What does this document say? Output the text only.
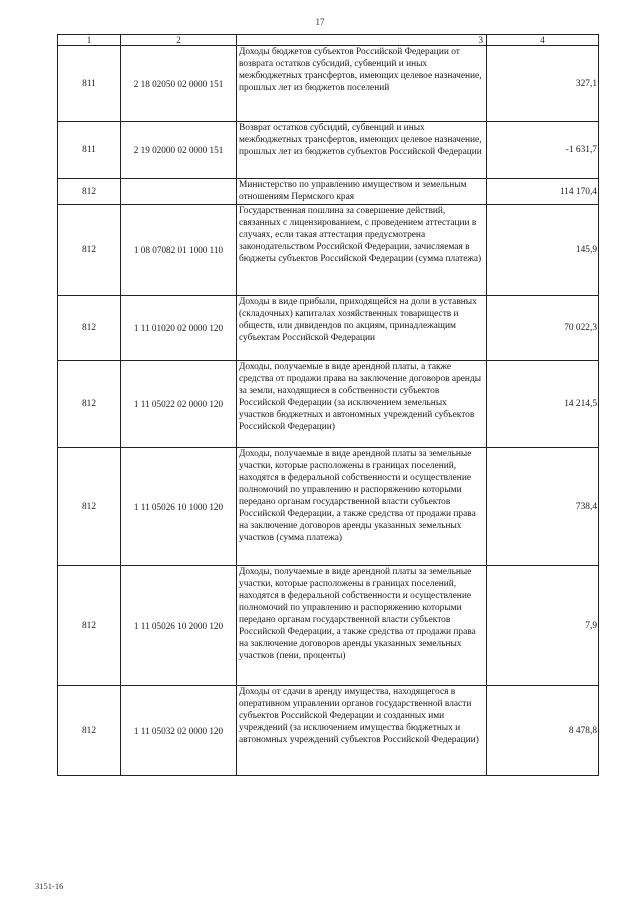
17
1	2	3	4
811	2 18 02050 02 0000 151	Доходы бюджетов субъектов Российской Федерации от возврата остатков субсидий, субвенций и иных межбюджетных трансфертов, имеющих целевое назначение, прошлых лет из бюджетов поселений	327,1
811	2 19 02000 02 0000 151	Возврат остатков субсидий, субвенций и иных межбюджетных трансфертов, имеющих целевое назначение, прошлых лет из бюджетов субъектов Российской Федерации	-1 631,7
812		Министерство по управлению имуществом и земельным отношениям Пермского края	114 170,4
812	1 08 07082 01 1000 110	Государственная пошлина за совершение действий, связанных с лицензированием, с проведением аттестации в случаях, если такая аттестация предусмотрена законодательством Российской Федерации, зачисляемая в бюджеты субъектов Российской Федерации (сумма платежа)	145,9
812	1 11 01020 02 0000 120	Доходы в виде прибыли, приходящейся на доли в уставных (складочных) капиталах хозяйственных товариществ и обществ, или дивидендов по акциям, принадлежащим субъектам Российской Федерации	70 022,3
812	1 11 05022 02 0000 120	Доходы, получаемые в виде арендной платы, а также средства от продажи права на заключение договоров аренды за земли, находящиеся в собственности субъектов Российской Федерации (за исключением земельных участков бюджетных и автономных учреждений субъектов Российской Федерации)	14 214,5
812	1 11 05026 10 1000 120	Доходы, получаемые в виде арендной платы за земельные участки, которые расположены в границах поселений, находятся в федеральной собственности и осуществление полномочий по управлению и распоряжению которыми передано органам государственной власти субъектов Российской Федерации, а также средства от продажи права на заключение договоров аренды указанных земельных участков (сумма платежа)	738,4
812	1 11 05026 10 2000 120	Доходы, получаемые в виде арендной платы за земельные участки, которые расположены в границах поселений, находятся в федеральной собственности и осуществление полномочий по управлению и распоряжению которыми передано органам государственной власти субъектов Российской Федерации, а также средства от продажи права на заключение договоров аренды указанных земельных участков (пени, проценты)	7,9
812	1 11 05032 02 0000 120	Доходы от сдачи в аренду имущества, находящегося в оперативном управлении органов государственной власти субъектов Российской Федерации и созданных ими учреждений (за исключением имущества бюджетных и автономных учреждений субъектов Российской Федерации)	8 478,8
3151-16
